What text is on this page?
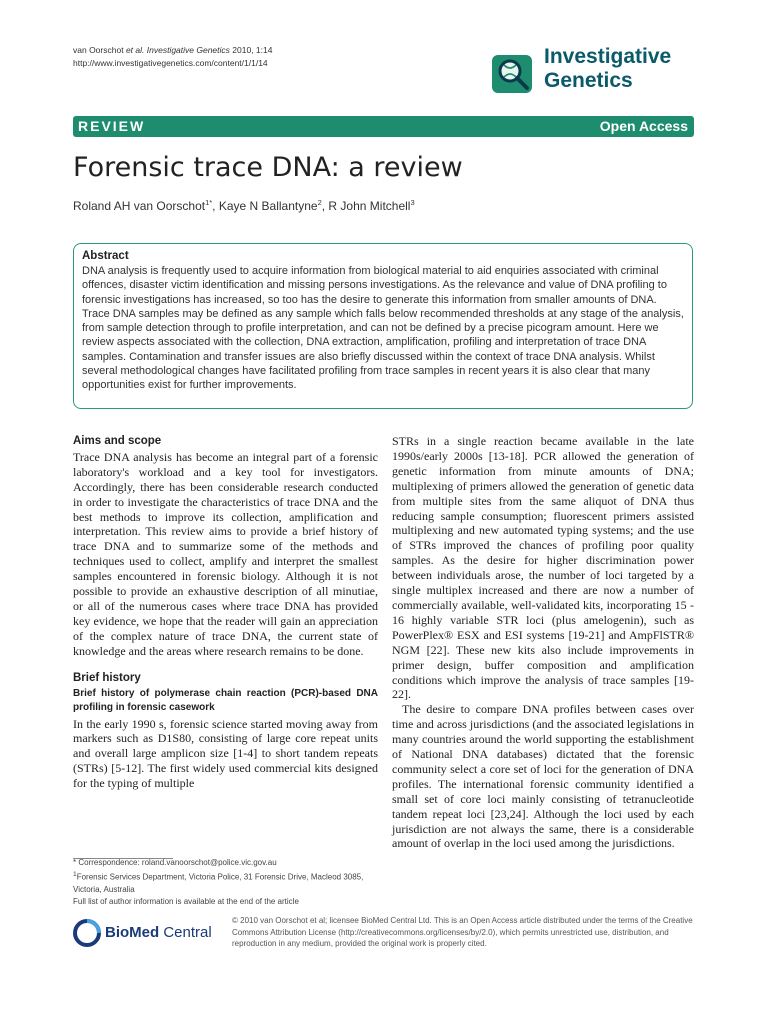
van Oorschot et al. Investigative Genetics 2010, 1:14
http://www.investigativegenetics.com/content/1/1/14	Investigative
Genetics
REVIEW	Open Access
Forensic trace DNA: a review
Roland AH van Oorschot$^{1*}$, Kaye N Ballantyne$^2$, R John Mitchell$^3$
Abstract

DNA analysis is frequently used to acquire information from biological material to aid enquiries associated with criminal offences, disaster victim identification and missing persons investigations. As the relevance and value of DNA profiling to forensic investigations has increased, so too has the desire to generate this information from smaller amounts of DNA. Trace DNA samples may be defined as any sample which falls below recommended thresholds at any stage of the analysis, from sample detection through to profile interpretation, and can not be defined by a precise picogram amount. Here we review aspects associated with the collection, DNA extraction, amplification, profiling and interpretation of trace DNA samples. Contamination and transfer issues are also briefly discussed within the context of trace DNA analysis. Whilst several methodological changes have facilitated profiling from trace samples in recent years it is also clear that many opportunities exist for further improvements.

Aims and scope

Trace DNA analysis has become an integral part of a forensic laboratory's workload and a key tool for investigators. Accordingly, there has been considerable research conducted in order to investigate the characteristics of trace DNA and the best methods to improve its collection, amplification and interpretation. This review aims to provide a brief history of trace DNA and to summarize some of the methods and techniques used to collect, amplify and interpret the smallest samples encountered in forensic biology. Although it is not possible to provide an exhaustive description of all minutiae, or all of the numerous cases where trace DNA has provided key evidence, we hope that the reader will gain an appreciation of the complex nature of trace DNA, the current state of knowledge and the areas where research remains to be done.

Brief history
Brief history of polymerase chain reaction (PCR)-based DNA profiling in forensic casework

In the early 1990 s, forensic science started moving away from markers such as D1S80, consisting of large core repeat units and overall large amplicon size [1-4] to short tandem repeats (STRs) [5-12]. The first widely used commercial kits designed for the typing of multiple

STRs in a single reaction became available in the late 1990s/early 2000s [13-18]. PCR allowed the generation of genetic information from minute amounts of DNA; multiplexing of primers allowed the generation of genetic data from multiple sites from the same aliquot of DNA thus reducing sample consumption; fluorescent primers assisted multiplexing and new automated typing systems; and the use of STRs improved the chances of profiling poor quality samples. As the desire for higher discrimination power between individuals arose, the number of loci targeted by a single multiplex increased and there are now a number of commercially available, well-validated kits, incorporating 15 - 16 highly variable STR loci (plus amelogenin), such as PowerPlex® ESX and ESI systems [19-21] and AmpFlSTR® NGM [22]. These new kits also include improvements in primer design, buffer composition and amplification conditions which improve the analysis of trace samples [19-22].

The desire to compare DNA profiles between cases over time and across jurisdictions (and the associated legislations in many countries around the world supporting the establishment of National DNA databases) dictated that the forensic community select a core set of loci for the generation of DNA profiles. The international forensic community identified a small set of core loci mainly consisting of tetranucleotide tandem repeat loci [23,24]. Although the loci used by each jurisdiction are not always the same, there is a considerable amount of overlap in the loci used among the jurisdictions.

* Correspondence: roland.vanoorschot@police.vic.gov.au

$^1$Forensic Services Department, Victoria Police, 31 Forensic Drive, Macleod 3085, Victoria, Australia

Full list of author information is available at the end of the article

BioMed Central
© 2010 van Oorschot et al; licensee BioMed Central Ltd. This is an Open Access article distributed under the terms of the Creative Commons Attribution License (http://creativecommons.org/licenses/by/2.0), which permits unrestricted use, distribution, and reproduction in any medium, provided the original work is properly cited.
